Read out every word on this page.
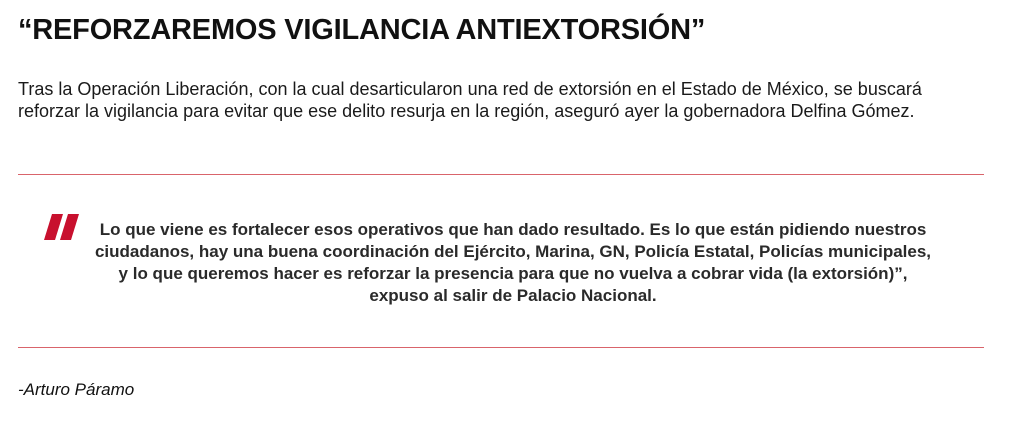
“REFORZAREMOS VIGILANCIA ANTIEXTORSIÓN”

Tras la Operación Liberación, con la cual desarticularon una red de extorsión en el Estado de México, se buscará reforzar la vigilancia para evitar que ese delito resurja en la región, aseguró ayer la gobernadora Delfina Gómez.

Lo que viene es fortalecer esos operativos que han dado resultado. Es lo que están pidiendo nuestros ciudadanos, hay una buena coordinación del Ejército, Marina, GN, Policía Estatal, Policías municipales, y lo que queremos hacer es reforzar la presencia para que no vuelva a cobrar vida (la extorsión)”, expuso al salir de Palacio Nacional.

-Arturo Páramo
